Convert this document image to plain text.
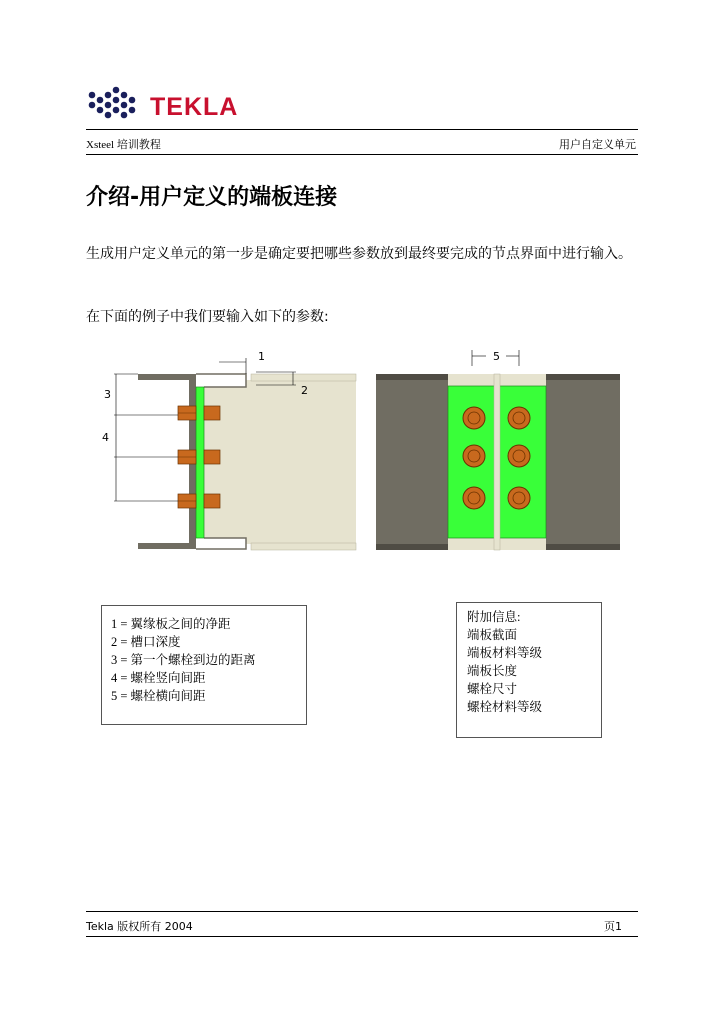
TEKLA
Xsteel 培训教程	用户自定义单元
介绍-用户定义的端板连接
生成用户定义单元的第一步是确定要把哪些参数放到最终要完成的节点界面中进行输入。
在下面的例子中我们要输入如下的参数:
1
2
3
4
5
1 = 翼缘板之间的净距
2 = 槽口深度
3 = 第一个螺栓到边的距离
4 = 螺栓竖向间距
5 = 螺栓横向间距
附加信息:
端板截面
端板材料等级
端板长度
螺栓尺寸
螺栓材料等级
Tekla 版权所有 2004	页1
